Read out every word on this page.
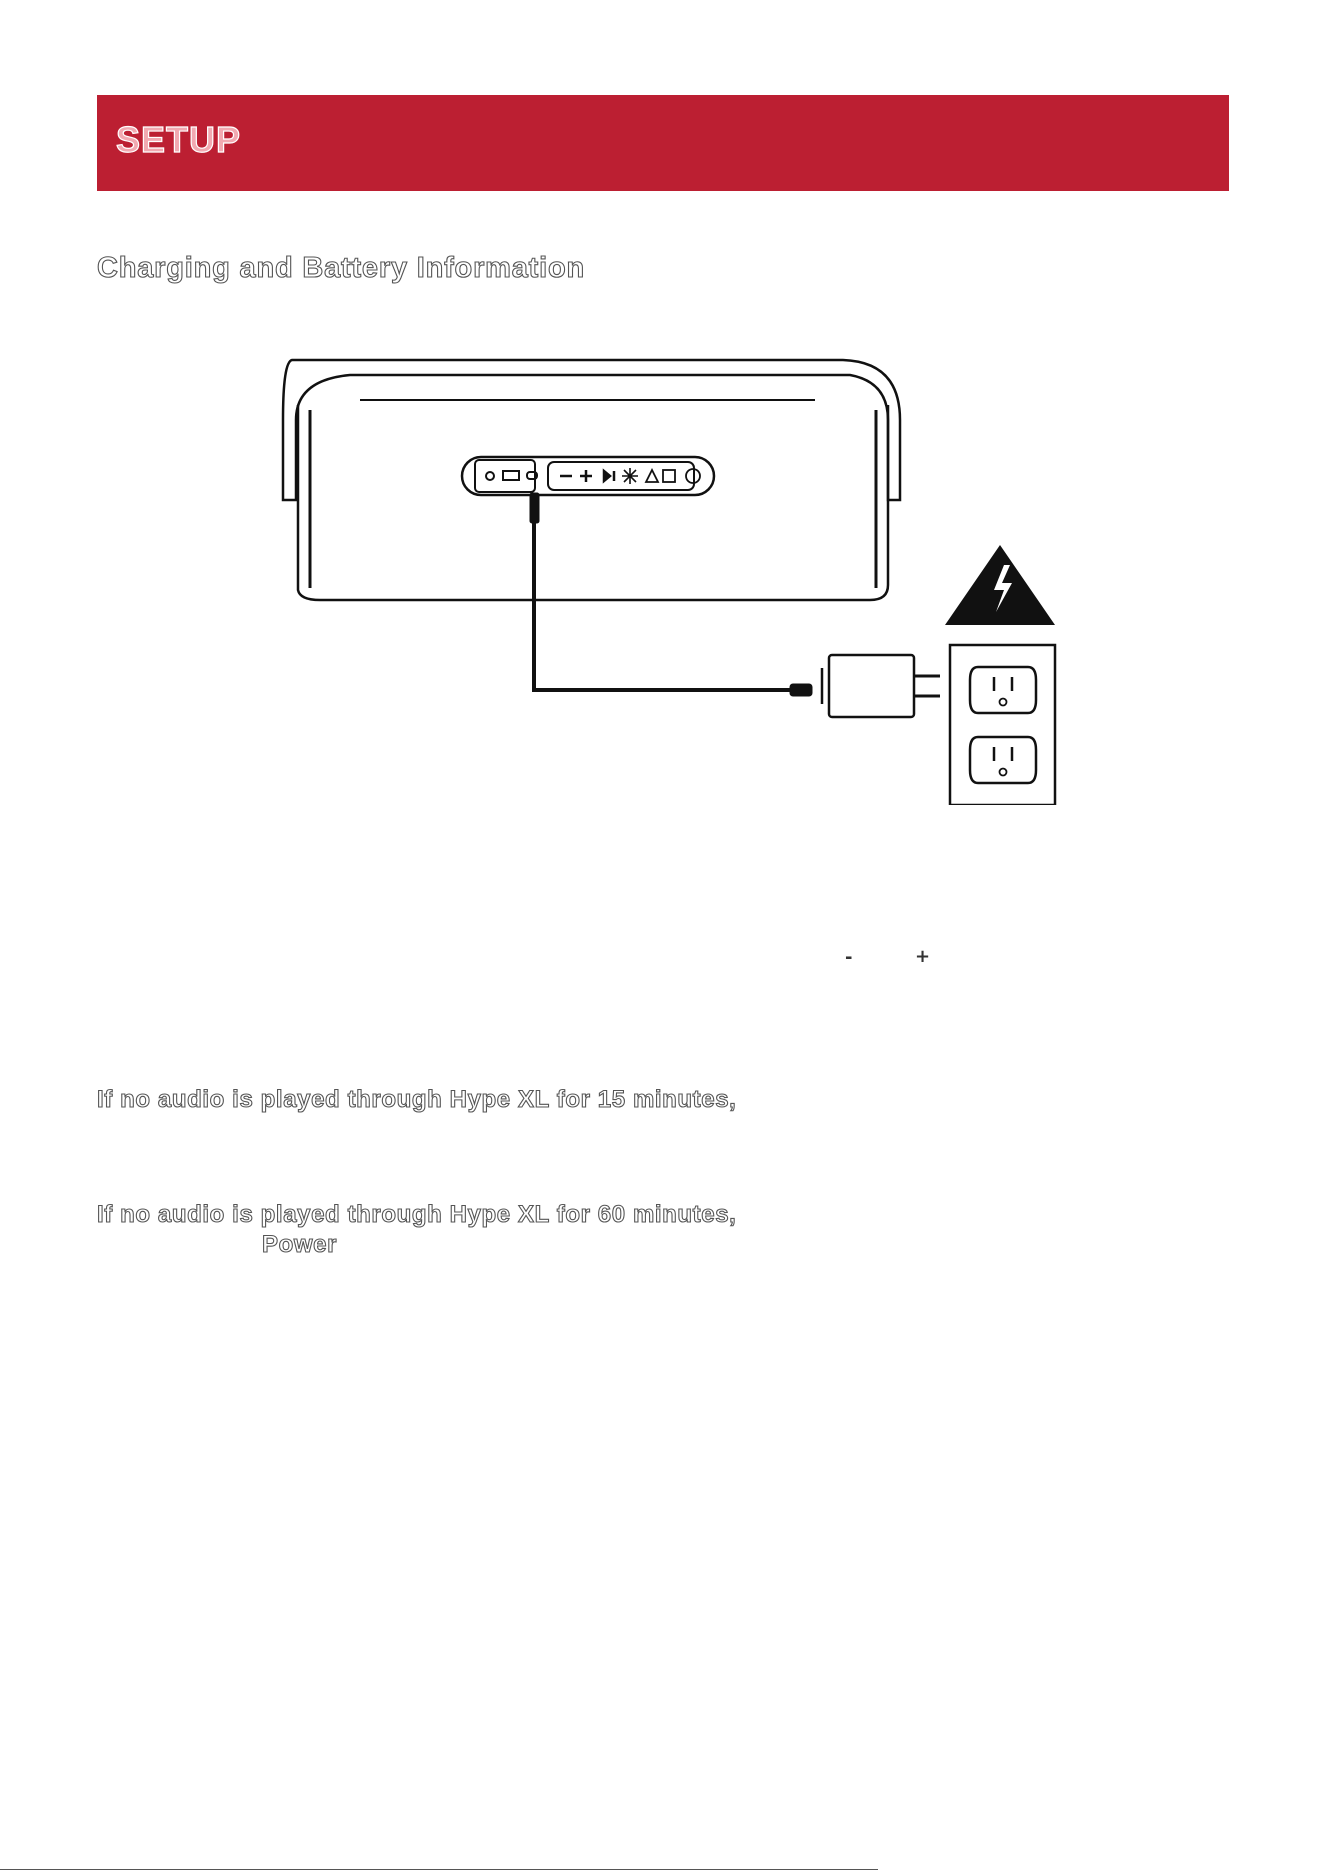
SETUP
Charging and Battery Information
-	+

If no audio is played through Hype XL for 15 minutes,

If no audio is played through Hype XL for 60 minutes,

Power
